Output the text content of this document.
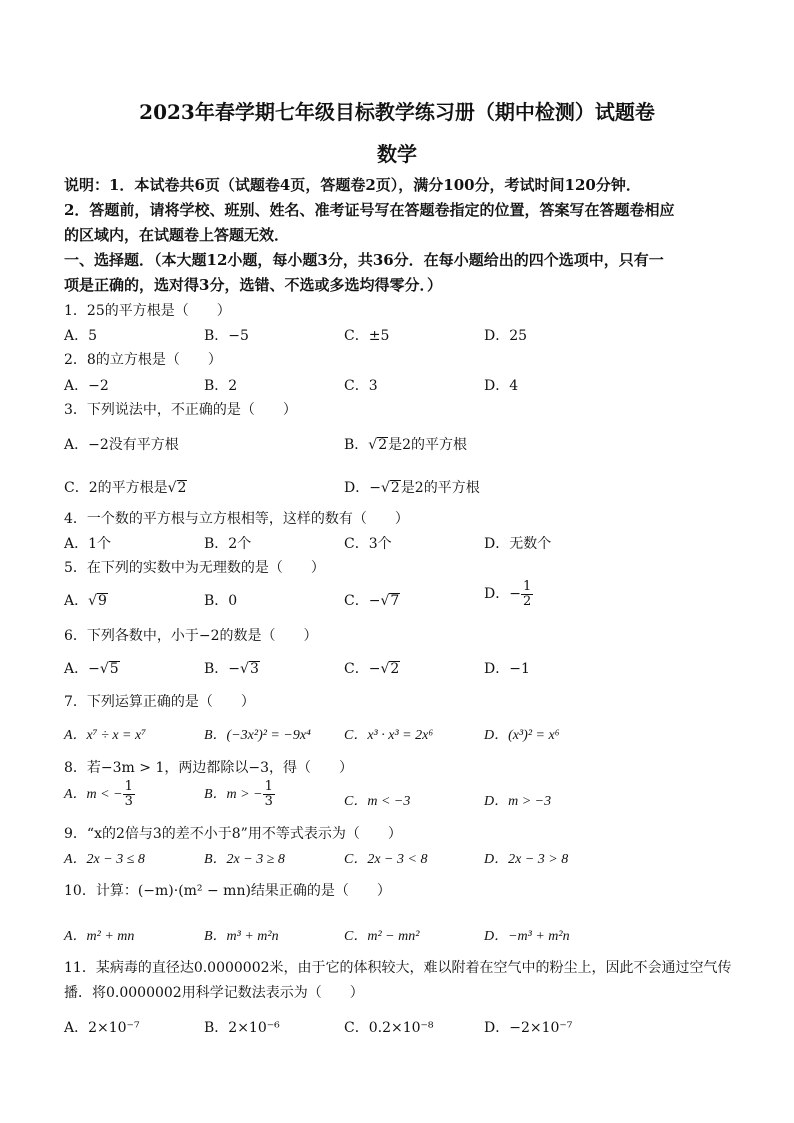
2023年春学期七年级目标教学练习册（期中检测）试题卷
数学
说明：1．本试卷共6页（试题卷4页，答题卷2页），满分100分，考试时间120分钟．
2．答题前，请将学校、班别、姓名、准考证号写在答题卷指定的位置，答案写在答题卷相应
的区域内，在试题卷上答题无效．
一、选择题．（本大题12小题，每小题3分，共36分．在每小题给出的四个选项中，只有一
项是正确的，选对得3分，选错、不选或多选均得零分．）
1．25的平方根是（　　）
A．5	B．−5	C．±5	D．25
2．8的立方根是（　　）
A．−2	B．2	C．3	D．4
3．下列说法中，不正确的是（　　）
A．−2没有平方根	B．√2是2的平方根
C．2的平方根是√2	D．−√2是2的平方根
4．一个数的平方根与立方根相等，这样的数有（　　）
A．1个	B．2个	C．3个	D．无数个
5．在下列的实数中为无理数的是（　　）
A．√9	B．0	C．−√7	D．− $\frac{1}{2}$
6．下列各数中，小于−2的数是（　　）
A．−√5	B．−√3	C．−√2	D．−1
7．下列运算正确的是（　　）
A．x⁷ ÷ x = x⁷	B．(−3x²)² = −9x⁴ C．x³ · x³ = 2x⁶	D．(x³)² = x⁶
8．若−3m > 1，两边都除以−3，得（　　）
A．m < − $\frac{1}{3}$	B．m > − $\frac{1}{3}$	C．m < −3	D．m > −3
9．“x的2倍与3的差不小于8”用不等式表示为（　　）
A．2x − 3 ≤ 8	B．2x − 3 ≥ 8	C．2x − 3 < 8	D．2x − 3 > 8
10．计算：(−m)·(m² − mn)结果正确的是（　　）
A．m² + mn	B．m³ + m²n	C．m² − mn²	D．−m³ + m²n
11．某病毒的直径达0.0000002米，由于它的体积较大，难以附着在空气中的粉尘上，因此不会通过空气传
播．将0.0000002用科学记数法表示为（　　）
A．2×10⁻⁷	B．2×10⁻⁶	C．0.2×10⁻⁸	D．−2×10⁻⁷
